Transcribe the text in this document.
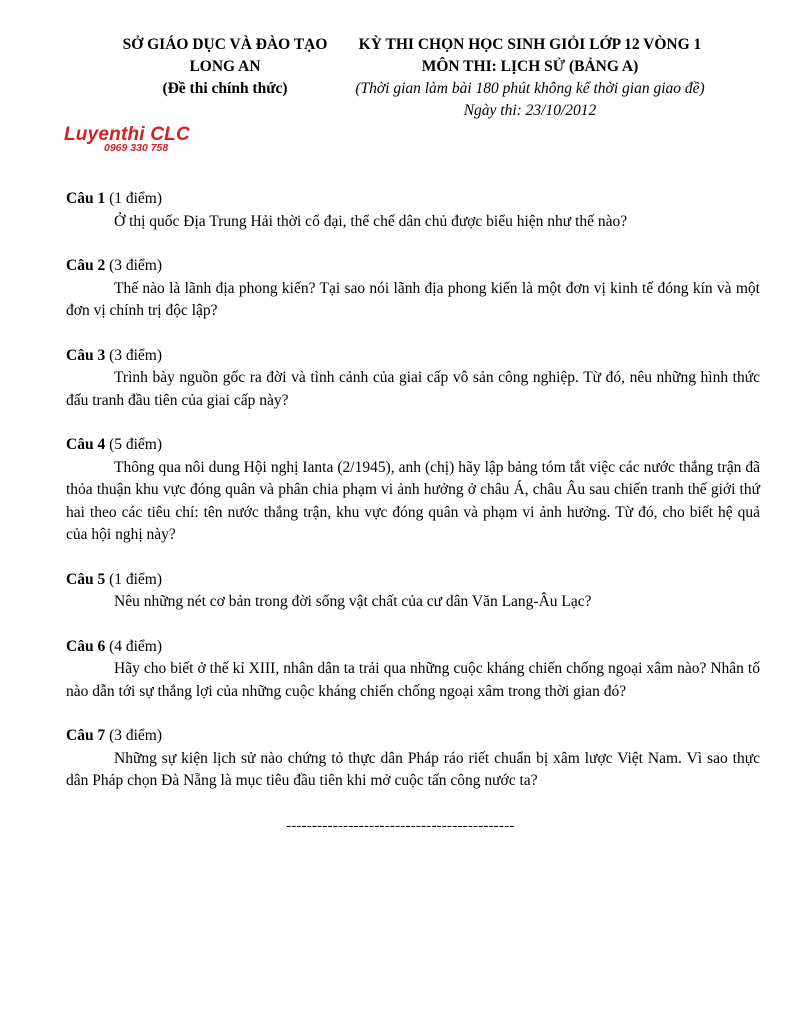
SỞ GIÁO DỤC VÀ ĐÀO TẠO
LONG AN
(Đề thi chính thức)
KỲ THI CHỌN HỌC SINH GIỎI LỚP 12 VÒNG 1
MÔN THI: LỊCH SỬ (BẢNG A)
(Thời gian làm bài 180 phút không kể thời gian giao đề)
Ngày thi: 23/10/2012
Luyenthi CLC
0969 330 758
Câu 1 (1 điểm)
Ở thị quốc Địa Trung Hải thời cổ đại, thể chế dân chủ được biểu hiện như thế nào?
Câu 2 (3 điểm)
Thế nào là lãnh địa phong kiến? Tại sao nói lãnh địa phong kiến là một đơn vị kinh tế đóng kín và một đơn vị chính trị độc lập?
Câu 3 (3 điểm)
Trình bày nguồn gốc ra đời và tình cảnh của giai cấp vô sản công nghiệp. Từ đó, nêu những hình thức đấu tranh đầu tiên của giai cấp này?
Câu 4 (5 điểm)
Thông qua nôi dung Hội nghị Ianta (2/1945), anh (chị) hãy lập bảng tóm tắt việc các nước thắng trận đã thỏa thuận khu vực đóng quân và phân chia phạm vi ảnh hưởng ở châu Á, châu Âu sau chiến tranh thế giới thứ hai theo các tiêu chí: tên nước thắng trận, khu vực đóng quân và phạm vi ảnh hưởng. Từ đó, cho biết hệ quả của hội nghị này?
Câu 5 (1 điểm)
Nêu những nét cơ bản trong đời sống vật chất của cư dân Văn Lang-Âu Lạc?
Câu 6 (4 điểm)
Hãy cho biết ở thế kỉ XIII, nhân dân ta trải qua những cuộc kháng chiến chống ngoại xâm nào? Nhân tố nào dẫn tới sự thắng lợi của những cuộc kháng chiến chống ngoại xâm trong thời gian đó?
Câu 7 (3 điểm)
Những sự kiện lịch sử nào chứng tỏ thực dân Pháp ráo riết chuẩn bị xâm lược Việt Nam. Vì sao thực dân Pháp chọn Đà Nẵng là mục tiêu đầu tiên khi mở cuộc tấn công nước ta?
--------------------------------------------
